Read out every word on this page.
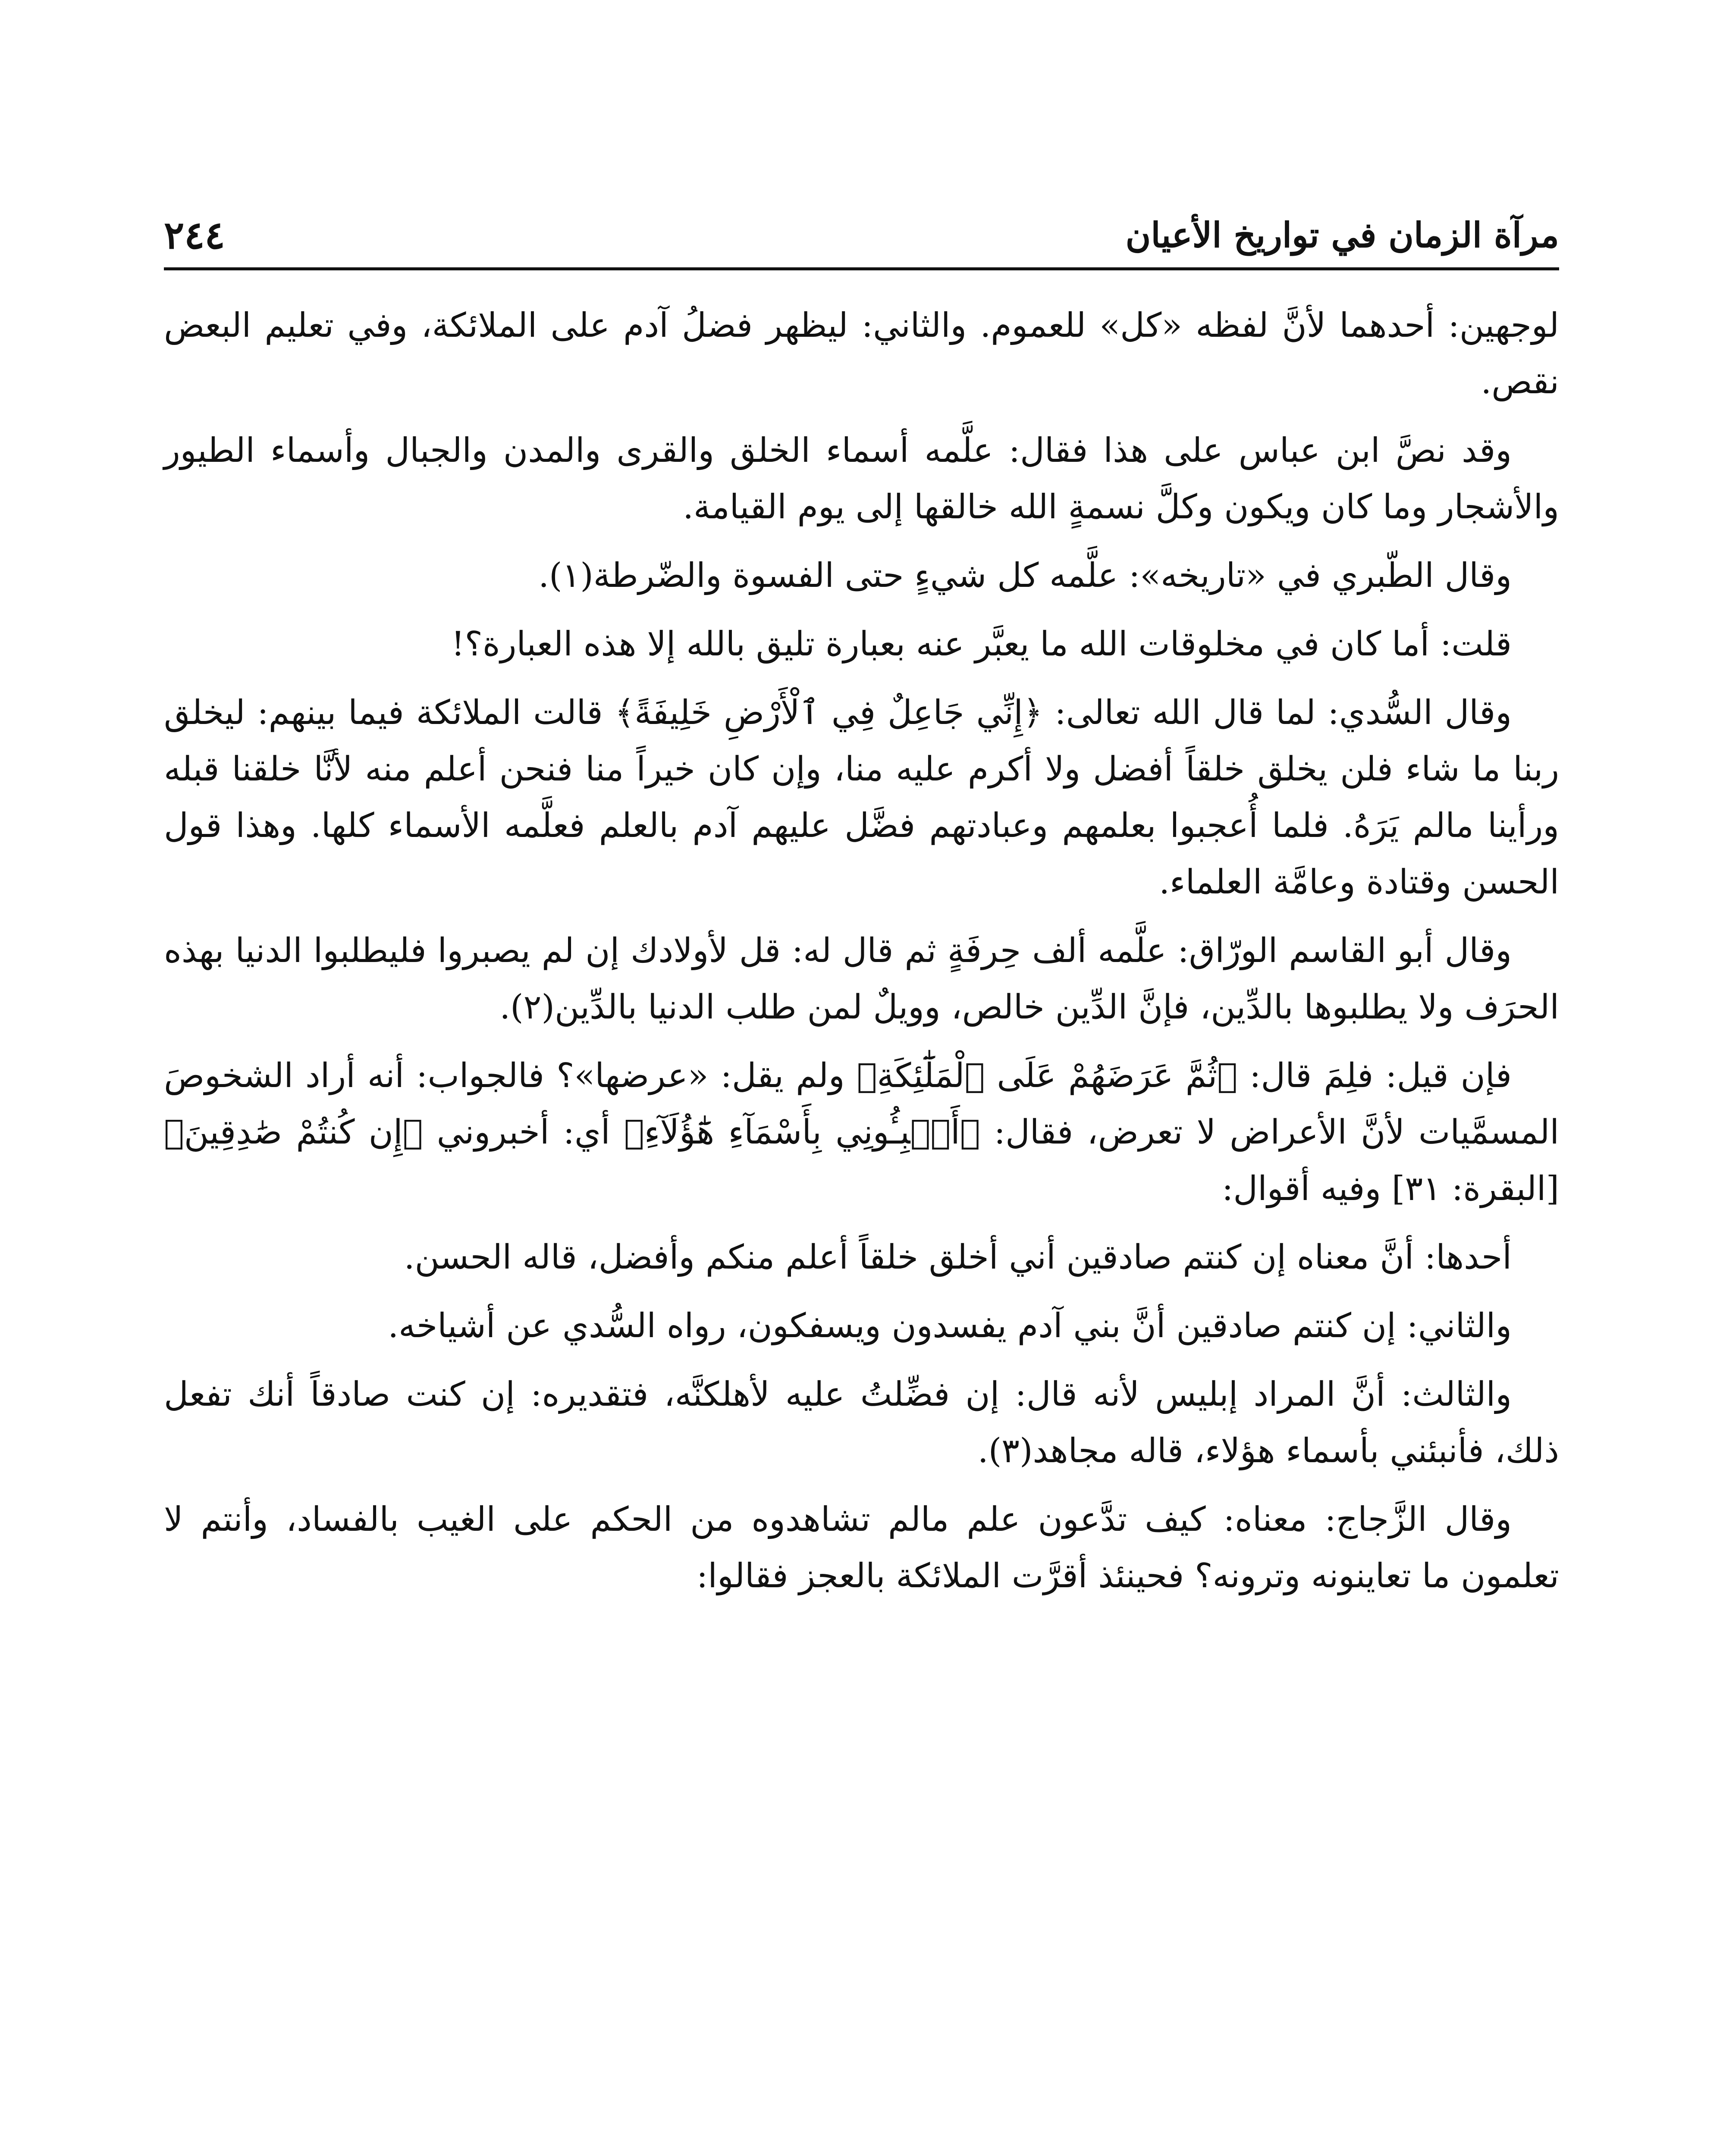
مرآة الزمان في تواريخ الأعيان
٢٤٤

لوجهين: أحدهما لأنَّ لفظه «كل» للعموم. والثاني: ليظهر فضلُ آدم على الملائكة، وفي تعليم البعض نقص.

وقد نصَّ ابن عباس على هذا فقال: علَّمه أسماء الخلق والقرى والمدن والجبال وأسماء الطيور والأشجار وما كان ويكون وكلَّ نسمةٍ الله خالقها إلى يوم القيامة.

وقال الطّبري في «تاريخه»: علَّمه كل شيءٍ حتى الفسوة والضّرطة(١).

قلت: أما كان في مخلوقات الله ما يعبَّر عنه بعبارة تليق بالله إلا هذه العبارة؟!

وقال السُّدي: لما قال الله تعالى: ﴿إِنِّي جَاعِلٌ فِي ٱلْأَرْضِ خَلِيفَةً﴾ قالت الملائكة فيما بينهم: ليخلق ربنا ما شاء فلن يخلق خلقاً أفضل ولا أكرم عليه منا، وإن كان خيراً منا فنحن أعلم منه لأنَّا خلقنا قبله ورأينا مالم يَرَهُ. فلما أُعجبوا بعلمهم وعبادتهم فضَّل عليهم آدم بالعلم فعلَّمه الأسماء كلها. وهذا قول الحسن وقتادة وعامَّة العلماء.

وقال أبو القاسم الورّاق: علَّمه ألف حِرفَةٍ ثم قال له: قل لأولادك إن لم يصبروا فليطلبوا الدنيا بهذه الحرَف ولا يطلبوها بالدِّين، فإنَّ الدِّين خالص، وويلٌ لمن طلب الدنيا بالدِّين(٢).

فإن قيل: فلِمَ قال: ﴿ثُمَّ عَرَضَهُمْ عَلَى ٱلْمَلَٰٓئِكَةِ﴾ ولم يقل: «عرضها»؟ فالجواب: أنه أراد الشخوصَ المسمَّيات لأنَّ الأعراض لا تعرض، فقال: ﴿أَنۢبِـُٔونِي بِأَسْمَآءِ هَٰٓؤُلَآءِ﴾ أي: أخبروني ﴿إِن كُنتُمْ صَٰدِقِينَ﴾[البقرة: ٣١] وفيه أقوال:

أحدها: أنَّ معناه إن كنتم صادقين أني أخلق خلقاً أعلم منكم وأفضل، قاله الحسن.

والثاني: إن كنتم صادقين أنَّ بني آدم يفسدون ويسفكون، رواه السُّدي عن أشياخه.

والثالث: أنَّ المراد إبليس لأنه قال: إن فضِّلتُ عليه لأهلكنَّه، فتقديره: إن كنت صادقاً أنك تفعل ذلك، فأنبئني بأسماء هؤلاء، قاله مجاهد(٣).

وقال الزَّجاج: معناه: كيف تدَّعون علم مالم تشاهدوه من الحكم على الغيب بالفساد، وأنتم لا تعلمون ما تعاينونه وترونه؟ فحينئذ أقرَّت الملائكة بالعجز فقالوا:
